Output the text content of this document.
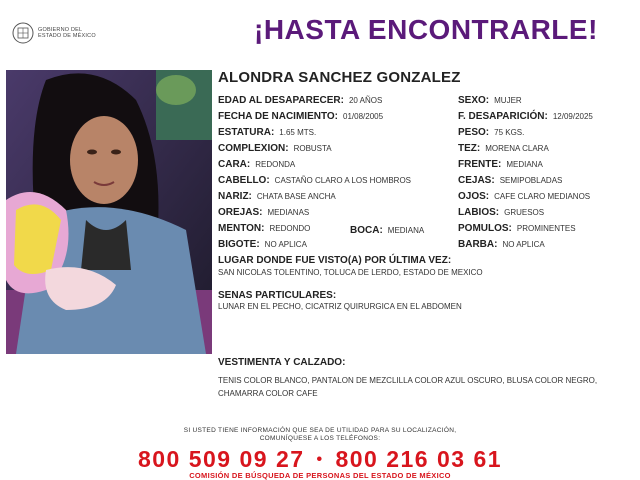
GOBIERNO DEL
ESTADO DE MÉXICO	¡HASTA ENCONTRARLE!
ALONDRA SANCHEZ GONZALEZ
EDAD AL DESAPARECER: 20 AÑOS
FECHA DE NACIMIENTO: 01/08/2005
ESTATURA: 1.65 MTS.
COMPLEXION: ROBUSTA
CARA: REDONDA
CABELLO: CASTAÑO CLARO A LOS HOMBROS
NARIZ: CHATA BASE ANCHA
OREJAS: MEDIANAS
MENTON: REDONDO	BOCA: MEDIANA
BIGOTE: NO APLICA
SEXO: MUJER
F. DESAPARICIÓN: 12/09/2025
PESO: 75 KGS.
TEZ: MORENA CLARA
FRENTE: MEDIANA
CEJAS: SEMIPOBLADAS
OJOS: CAFE CLARO MEDIANOS
LABIOS: GRUESOS
POMULOS: PROMINENTES
BARBA: NO APLICA
LUGAR DONDE FUE VISTO(A) POR ÚLTIMA VEZ:
SAN NICOLAS TOLENTINO, TOLUCA DE LERDO, ESTADO DE MEXICO
SENAS PARTICULARES:
LUNAR EN EL PECHO, CICATRIZ QUIRURGICA EN EL ABDOMEN
VESTIMENTA Y CALZADO:
TENIS COLOR BLANCO, PANTALON DE MEZCLILLA COLOR AZUL OSCURO, BLUSA COLOR NEGRO, CHAMARRA COLOR CAFE
SI USTED TIENE INFORMACIÓN QUE SEA DE UTILIDAD PARA SU LOCALIZACIÓN,
COMUNÍQUESE A LOS TELÉFONOS:
800 509 09 27 • 800 216 03 61
COMISIÓN DE BÚSQUEDA DE PERSONAS DEL ESTADO DE MÉXICO
